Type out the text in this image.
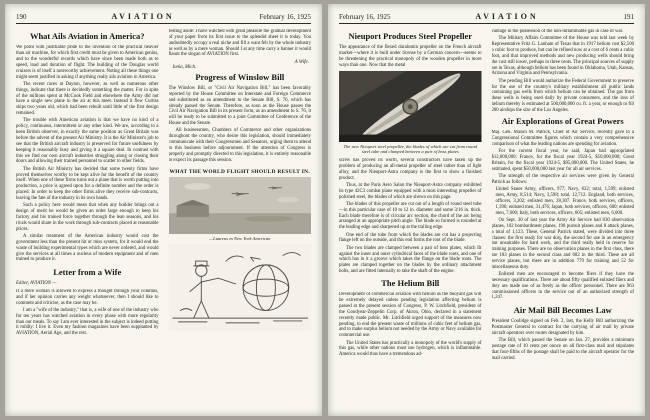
190	AVIATION	February 16, 1925
What Ails Aviation in America?

We point with justifiable pride to the invention of the practical heavier than air machine, for which first credit must be given to American genius, and to the wonderful records which have since been made both as to speed, load and duration of flight. The building of the Douglas world cruisers is of itself a noteworthy achievement. Noting all these things one might seem justified in asking if anything really ails aviation in America.

The recent races at Dayton, however, as well as numerous other things, indicate that there is decidedly something the matter. For in spite of the millions spent at McCook Field and elsewhere the Army did not have a single new plane in the air at this meet. Instead it flew Curtiss ships two years old, which had been rebuilt until little of the first design remained.

The trouble with American aviation is that we have no kind of a policy, continuous, intermittent or any other kind. We are, according to a keen British observer, in exactly the same position as Great Britain was before the advent of the present Air Ministry. It is the Air Minister's job to see that the British aircraft industry is preserved for future usefulness by keeping it reasonably busy and giving it a square deal. In contrast with this we find our own aircraft industries struggling along or closing their doors and allowing their trained personnel to scatter to other fields.

The British Air Ministry has decided that some twenty firms have proved themselves worthy to be kept alive for the benefit of the country itself. When one of these firms turns out a plane that is worth putting into production, a price is agreed upon for a definite number and the order is placed. In order to keep the other firms alive they receive sub-contracts, leaving the fate of the industry in its own hands.

Such a policy here would mean that when any builder brings out a design of merit he would be given an order large enough to keep his factory and his trained force together through the lean seasons, and his rivals would share in the work through sub-contracts placed at reasonable prices.

A similar treatment of the American industry would cost the government less than the present hit or miss system, for it would end the waste of building experimental types which are never ordered, and would give the services at all times a nucleus of modern equipment and of men trained to produce it.

Letter from a Wife

Editor, AVIATION —

If a mere woman is allowed to express a thought through your columns, and if her opinion carries any weight whatsoever, then I should like to comment and criticise, as the case may be.

I am a "wife of the industry," that is, a wife of one of the industry who for ten years has watched aviation in every phase with more regularity than our meals. To say I am ever interested in the subject is indeed putting it mildly: I live it. Even my fashion magazines have been supplanted by AVIATION, Aerial Age, and the rest.

Jesting aside: I have watched with great pleasure the gradual development of your paper from its first issue to the splendid sheet it is today. You undoubtedly occupy a real niche and fill a want felt by the whole industry as well as by a mere woman. Should I at any time carry a banner it would flaunt the slogan of AVIATION first.

A Wife.

Ionia, Mich.

Progress of Winslow Bill

The Winslow Bill, or "Civil Air Navigation Bill," has been favorably reported by the House Committee on Interstate and Foreign Commerce and substituted as an amendment to the Senate Bill, S. 76, which has already passed the Senate. Therefore, as soon as the House passes the Civil Air Navigation Bill in its present form, as an amendment to S. 76, it will be ready to be submitted to a joint Committee of Conference of the House and the Senate.

All businessmen, Chambers of Commerce and other organizations throughout the country, who desire this legislation, should immediately communicate with their Congressmen and Senators, urging them to attend to this business before adjournment. If the attention of Congress is properly and promptly directed to this legislation, it is entirely reasonable to expect its passage this session.

WHAT THE WORLD FLIGHT SHOULD RESULT IN.

—Laurens in New York American

February 16, 1925	AVIATION	191
Nieuport Produces Steel Propeller

The appearance of the flexed duralumin propeller on the French aircraft market—where it is built under license by a German concern—seems to be threatening the practical monopoly of the wooden propeller in more ways than one. Now that the metal

The new Nieuport steel propeller, the blades of which are cut from round steel tube and clamped between a pair of boss plates

screw has proved its worth, several constructors have taken up the problem of producing an all-metal propeller of steel rather than of light alloy, and the Nieuport-Astra company is the first to show a finished product.

Thus, at the Paris Aero Salon the Nieuport-Astra company exhibited its type 42C3 combat plane equipped with a most interesting propeller of polished steel, the blades of which are shown on this page.

The blades of this propeller are cut out of a length of round steel tube—in this particular case of 10 to 12 in. diameter and some 3/16 in. thick. Each blade therefore is of circular arc section, the chord of the arc being arranged at an appropriate pitch angle. The blade so formed is rounded at the leading edge and sharpened up at the trailing edge.

One end of the tube from which the blades are cut has a projecting flange left on the outside, and this end forms the root of the blade.

The two blades are clamped between a pair of boss plates, which fit against the inner and outer cylindrical faces of the blade roots, and one of which has in it a groove which takes the flange on the blade roots. The plates are clamped together on the blades by the ordinary attachment bolts, and are fitted internally to take the shaft of the engine.

The Helium Bill

Development of commercial aviation with helium as the buoyant gas will be extremely delayed unless pending legislation affecting helium is passed at the present session of Congress, P. W. Litchfield, president of the Goodyear-Zeppelin Corp. of Akron, Ohio, declared in a statement recently made public. Mr. Litchfield urged support of the measures now pending, to end the present waste of millions of cubic feet of helium gas, and to make surplus helium not needed by the Army or Navy available for commercial use.

The United States has practically a monopoly of the world's supply of this gas, while other nations must use hydrogen, which is inflammable. America would thus have a tremendous ad-

vantage in the possession of the non-inflammable gas in case of war.

The Military Affairs Committee of the House was told last week by Representative Fritz G. Lanham of Texas that in 1917 helium cost $2,500 a cubic foot to produce, but can be refined now at a cost of 6 cents a cubic foot, and that improved methods and new producing wells should bring the cost still lower, perhaps to three cents. The principal sources of supply are in Texas, although helium has been found in Oklahoma, Utah, Kansas, Arizona and Virginia and Pennsylvania.

The pending Bill would authorize the Federal Government to preserve for the use of the country's military establishment all public lands containing gas wells from which helium can be obtained. The gas from these wells is being used daily by private consumers, and the loss of helium thereby is estimated at 500,000,000 cu. ft. a year, or enough to fill 200 airships the size of the Los Angeles.

Air Explorations of Great Powers

Maj. Gen. Mason M. Patrick, Chief of Air Service, recently gave to a Congressional Committee figures which contain a very comprehensive comparison of what the leading nations are spending for aviation.

For the current fiscal year, he said, Japan had appropriated $12,000,000; France, for the fiscal year 1924-5, $50,000,000; Great Britain, for the fiscal year 1924-5, $95,000,000. The United States, he estimated, spent $50,000,000 last year for all air services.

The strength of the respective air services were given by General Patrick as follows:

United States Army, officers, 977; Navy, 622; total, 1,599; enlisted men, Army, 8,514; Navy, 3,598; total, 12,712. England, both services, officers, 3,202; enlisted men, 28,307. France, both services, officers, 1,396; enlisted men, 31,476; Japan, both services, officers, 600; enlisted men, 7,600; Italy, both services, officers, 605; enlisted men, 6,000.

On Sept. 30 of last year the Army Air Service had 830 observation planes, 102 bombardment planes, 198 pursuit planes and 8 attack planes, a total of 1,123. These, General Patrick stated, were divided into three classes: the first ready for war duty, the second for use in an emergency but unsuitable for hard work, and the third really held in reserve for training purposes. There are no observation planes in the first class, there are 183 planes in the second class and 682 in the third. These are all service planes, but there are in addition 779 for training and 52 for miscellaneous duty.

Enlisted men are encouraged to become fliers if they have the necessary qualifications. There are about fifty qualified enlisted fliers and they are made use of as freely as the officer personnel. There are 963 commissioned officers in the service out of an authorized strength of 1,247.

Air Mail Bill Becomes Law

President Coolidge signed on Feb. 2, last, the Kelly Bill authorizing the Postmaster General to contract for the carrying of air mail by private aircraft operators over routes designated by him.

The Bill, which passed the Senate on Jan. 27, provides a minimum postage rate of 10 cents per ounce on all first-class mail and stipulates that four-fifths of the postage shall be paid to the aircraft operator for the mail carried.
